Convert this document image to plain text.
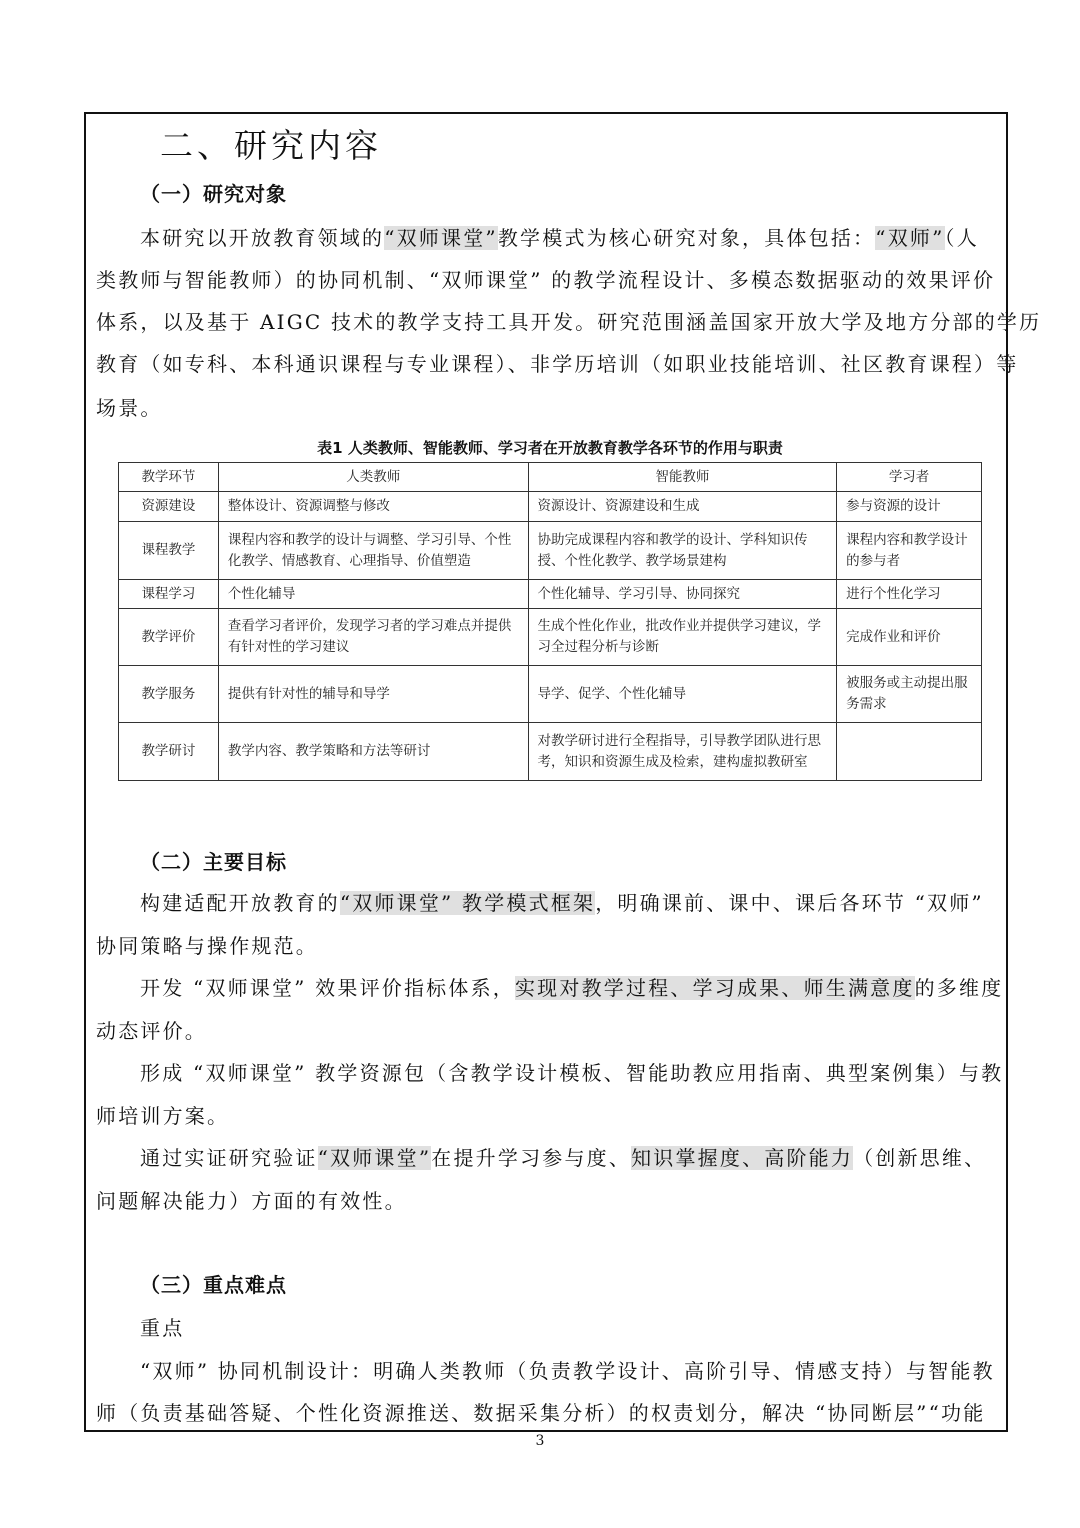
二、研究内容
（一）研究对象
本研究以开放教育领域的“双师课堂”教学模式为核心研究对象，具体包括：“双师”（人
类教师与智能教师）的协同机制、“双师课堂” 的教学流程设计、多模态数据驱动的效果评价
体系，以及基于 AIGC 技术的教学支持工具开发。研究范围涵盖国家开放大学及地方分部的学历
教育（如专科、本科通识课程与专业课程）、非学历培训（如职业技能培训、社区教育课程）等
场景。
表1 人类教师、智能教师、学习者在开放教育教学各环节的作用与职责
教学环节	人类教师	智能教师	学习者
资源建设	整体设计、资源调整与修改	资源设计、资源建设和生成	参与资源的设计
课程教学	课程内容和教学的设计与调整、学习引导、个性化教学、情感教育、心理指导、价值塑造	协助完成课程内容和教学的设计、学科知识传授、个性化教学、教学场景建构	课程内容和教学设计的参与者
课程学习	个性化辅导	个性化辅导、学习引导、协同探究	进行个性化学习
教学评价	查看学习者评价，发现学习者的学习难点并提供有针对性的学习建议	生成个性化作业，批改作业并提供学习建议，学习全过程分析与诊断	完成作业和评价
教学服务	提供有针对性的辅导和导学	导学、促学、个性化辅导	被服务或主动提出服务需求
教学研讨	教学内容、教学策略和方法等研讨	对教学研讨进行全程指导，引导教学团队进行思考，知识和资源生成及检索，建构虚拟教研室	
（二）主要目标
构建适配开放教育的“双师课堂” 教学模式框架，明确课前、课中、课后各环节 “双师”
协同策略与操作规范。
开发 “双师课堂” 效果评价指标体系，实现对教学过程、学习成果、师生满意度的多维度
动态评价。
形成 “双师课堂” 教学资源包（含教学设计模板、智能助教应用指南、典型案例集）与教
师培训方案。
通过实证研究验证“双师课堂”在提升学习参与度、知识掌握度、高阶能力（创新思维、
问题解决能力）方面的有效性。
（三）重点难点
重点
“双师” 协同机制设计：明确人类教师（负责教学设计、高阶引导、情感支持）与智能教
师（负责基础答疑、个性化资源推送、数据采集分析）的权责划分，解决 “协同断层”“功能
3
